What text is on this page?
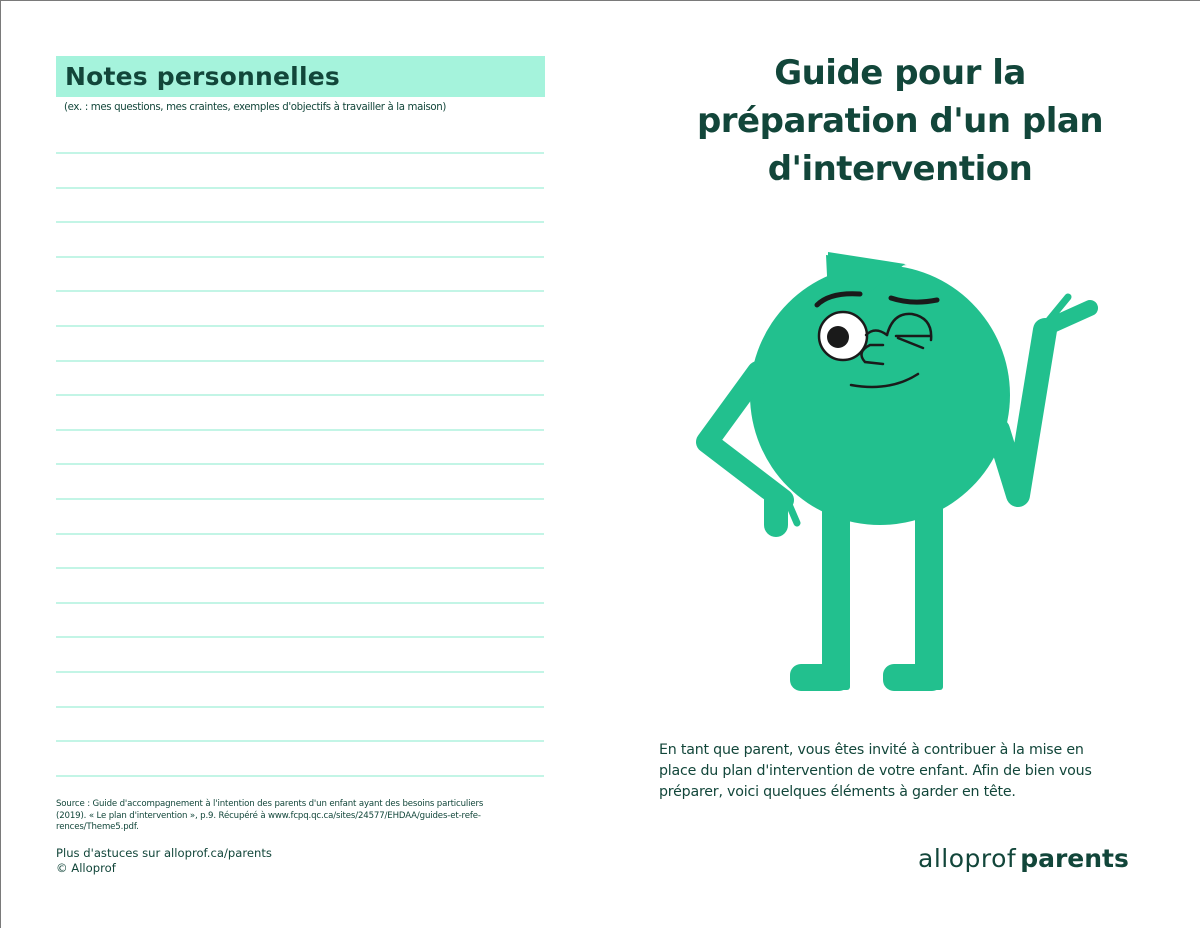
Notes personnelles
(ex. : mes questions, mes craintes, exemples d'objectifs à travailler à la maison)
Source : Guide d'accompagnement à l'intention des parents d'un enfant ayant des besoins particuliers
(2019). « Le plan d'intervention », p.9. Récupéré à www.fcpq.qc.ca/sites/24577/EHDAA/guides-et-refe-
rences/Theme5.pdf.
Plus d'astuces sur alloprof.ca/parents
© Alloprof
Guide pour la
préparation d'un plan
d'intervention
En tant que parent, vous êtes invité à contribuer à la mise en
place du plan d'intervention de votre enfant. Afin de bien vous
préparer, voici quelques éléments à garder en tête.
alloprof parents
